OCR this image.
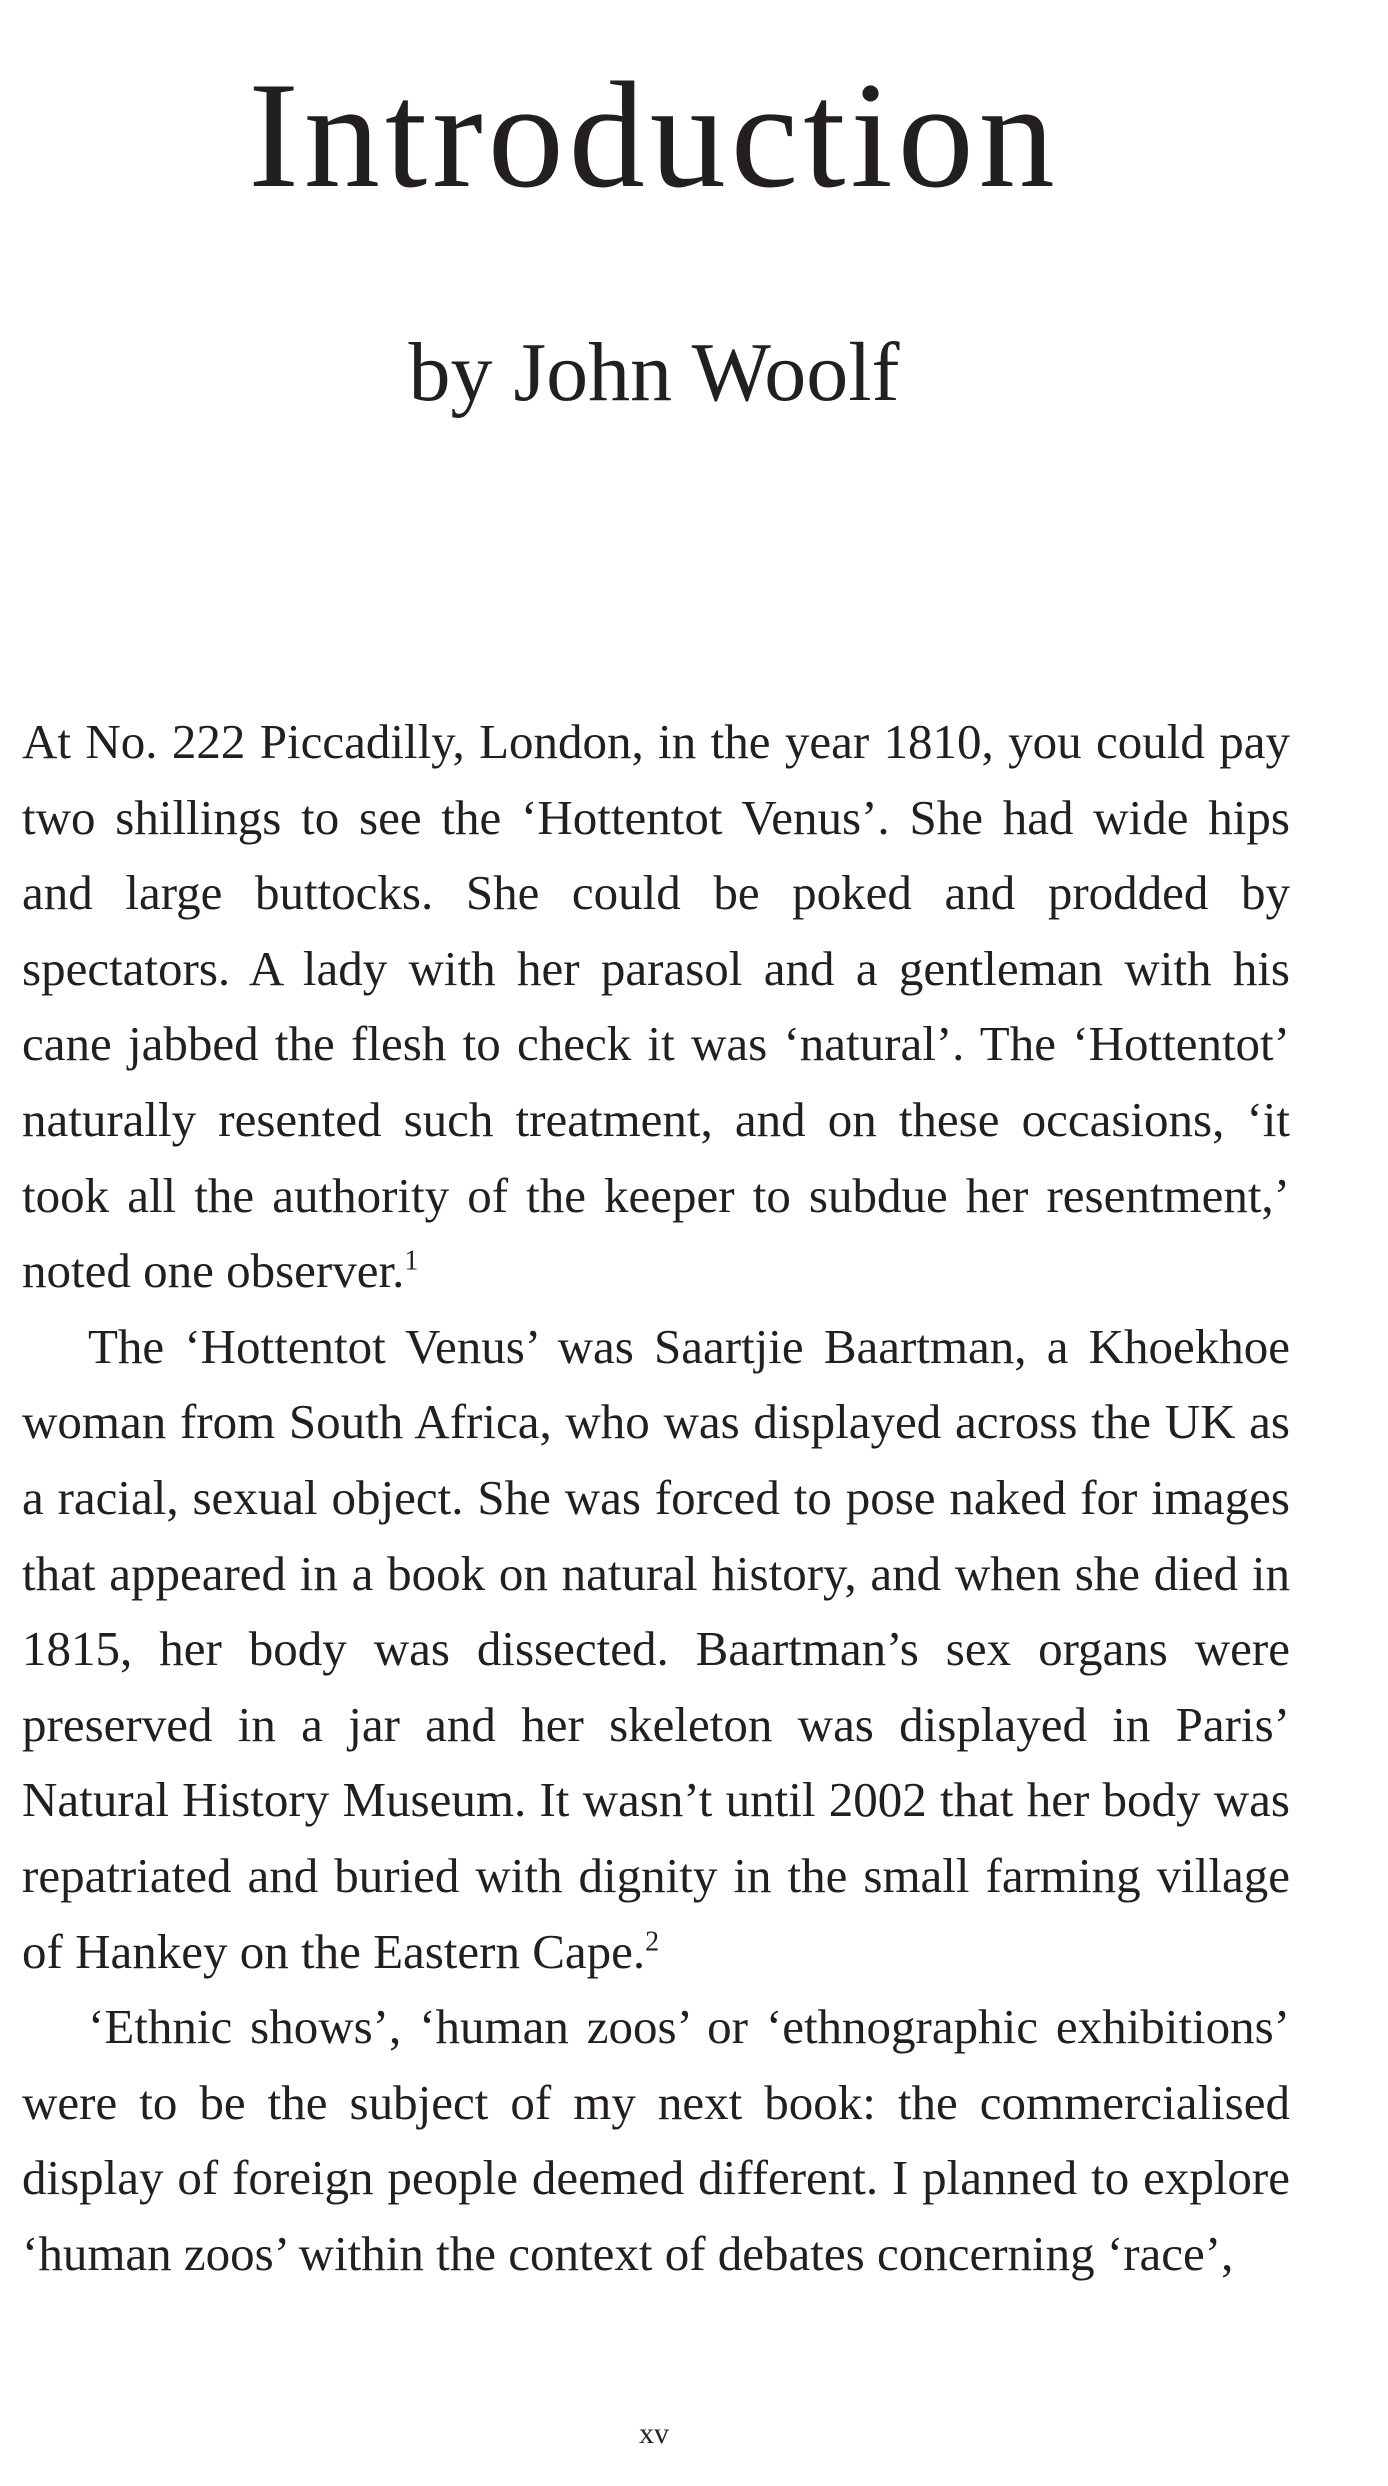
Introduction
by John Woolf

At No. 222 Piccadilly, London, in the year 1810, you could pay two shillings to see the ‘Hottentot Venus’. She had wide hips and large buttocks. She could be poked and prodded by spectators. A lady with her parasol and a gentleman with his cane jabbed the flesh to check it was ‘natural’. The ‘Hottentot’ naturally resented such treatment, and on these occasions, ‘it took all the authority of the keeper to subdue her resentment,’ noted one observer.$^1$

The ‘Hottentot Venus’ was Saartjie Baartman, a Khoekhoe woman from South Africa, who was displayed across the UK as a racial, sexual object. She was forced to pose naked for images that appeared in a book on natural history, and when she died in 1815, her body was dissected. Baartman’s sex organs were preserved in a jar and her skeleton was displayed in Paris’ Natural History Museum. It wasn’t until 2002 that her body was repatriated and buried with dignity in the small farming village of Hankey on the Eastern Cape.$^2$

‘Ethnic shows’, ‘human zoos’ or ‘ethnographic exhibitions’ were to be the subject of my next book: the commercialised display of foreign people deemed different. I planned to explore ‘human zoos’ within the context of debates concerning ‘race’,

xv
